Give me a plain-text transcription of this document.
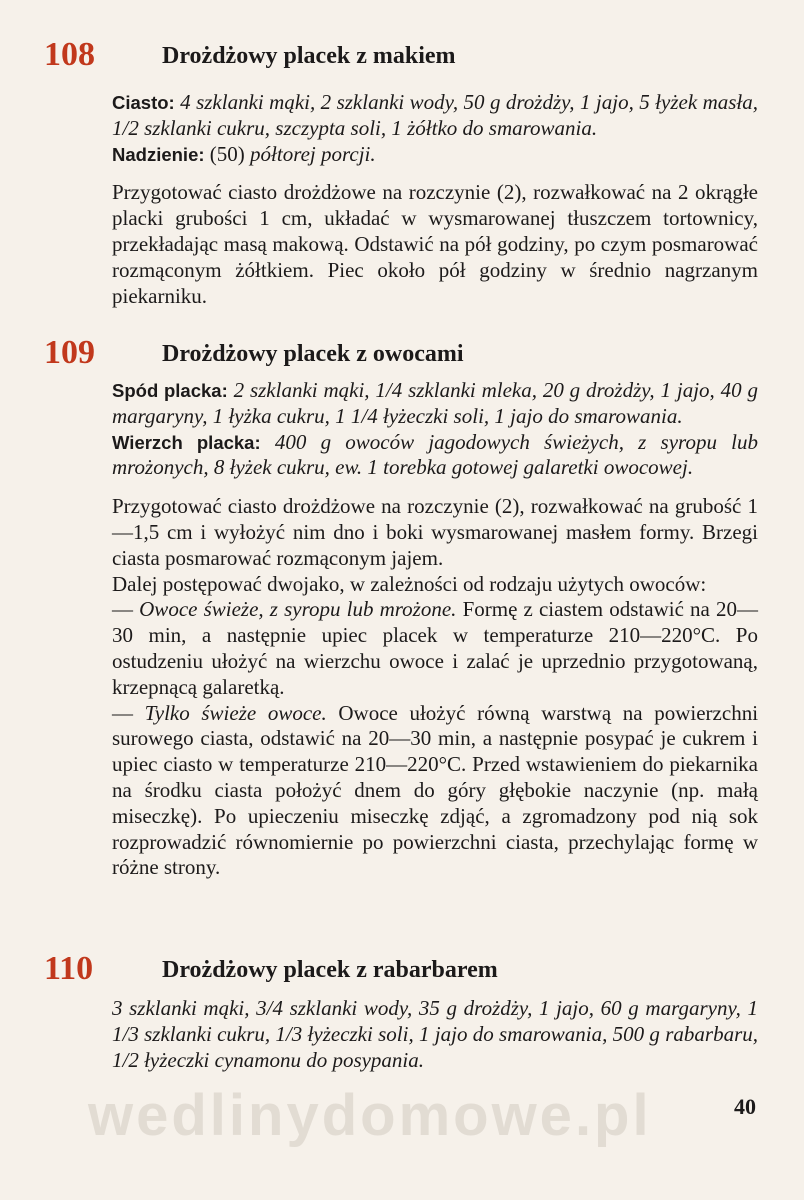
108	Drożdżowy placek z makiem

Ciasto: 4 szklanki mąki, 2 szklanki wody, 50 g drożdży, 1 jajo, 5 łyżek masła, 1/2 szklanki cukru, szczypta soli, 1 żółtko do smarowania.

Nadzienie: (50) półtorej porcji.

Przygotować ciasto drożdżowe na rozczynie (2), rozwałkować na 2 okrągłe placki grubości 1 cm, układać w wysmarowanej tłuszczem tortownicy, przekładając masą makową. Odstawić na pół godziny, po czym posmarować rozmąconym żółtkiem. Piec około pół godziny w średnio nagrzanym piekarniku.

109	Drożdżowy placek z owocami

Spód placka: 2 szklanki mąki, 1/4 szklanki mleka, 20 g drożdży, 1 jajo, 40 g margaryny, 1 łyżka cukru, 1 1/4 łyżeczki soli, 1 jajo do smarowania.

Wierzch placka: 400 g owoców jagodowych świeżych, z syropu lub mrożonych, 8 łyżek cukru, ew. 1 torebka gotowej galaretki owocowej.

Przygotować ciasto drożdżowe na rozczynie (2), rozwałkować na grubość 1—1,5 cm i wyłożyć nim dno i boki wysmarowanej masłem formy. Brzegi ciasta posmarować rozmąconym jajem.

Dalej postępować dwojako, w zależności od rodzaju użytych owoców:

— Owoce świeże, z syropu lub mrożone. Formę z ciastem odstawić na 20—30 min, a następnie upiec placek w temperaturze 210—220°C. Po ostudzeniu ułożyć na wierzchu owoce i zalać je uprzednio przygotowaną, krzepnącą galaretką.

— Tylko świeże owoce. Owoce ułożyć równą warstwą na powierzchni surowego ciasta, odstawić na 20—30 min, a następnie posypać je cukrem i upiec ciasto w temperaturze 210—220°C. Przed wstawieniem do piekarnika na środku ciasta położyć dnem do góry głębokie naczynie (np. małą miseczkę). Po upieczeniu miseczkę zdjąć, a zgromadzony pod nią sok rozprowadzić równomiernie po powierzchni ciasta, przechylając formę w różne strony.

110	Drożdżowy placek z rabarbarem

3 szklanki mąki, 3/4 szklanki wody, 35 g drożdży, 1 jajo, 60 g margaryny, 1 1/3 szklanki cukru, 1/3 łyżeczki soli, 1 jajo do smarowania, 500 g rabarbaru, 1/2 łyżeczki cynamonu do posypania.

wedlinydomowe.pl	40
